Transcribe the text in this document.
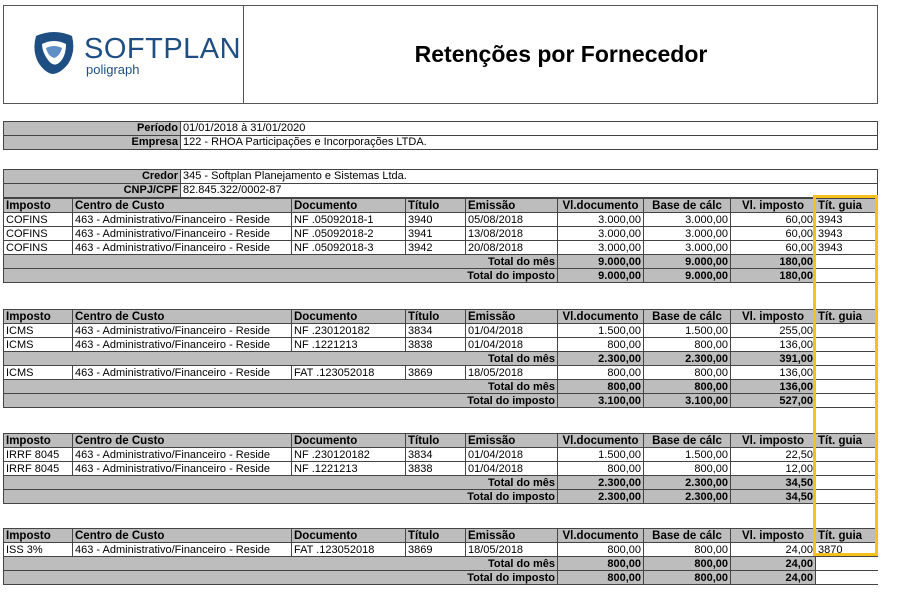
SOFTPLAN
poligraph
Retenções por Fornecedor
Período 01/01/2018 à 31/01/2020
Empresa 122 - RHOA Participações e Incorporações LTDA.
Credor 345 - Softplan Planejamento e Sistemas Ltda.
CNPJ/CPF 82.845.322/0002-87
Imposto	Centro de Custo	Documento	Título	Emissão	Vl.documento	Base de cálc	Vl. imposto	Tít. guia
COFINS	463 - Administrativo/Financeiro - Reside	NF .05092018-1	3940	05/08/2018	3.000,00	3.000,00	60,00 3943
COFINS	463 - Administrativo/Financeiro - Reside	NF .05092018-2	3941	13/08/2018	3.000,00	3.000,00	60,00 3943
COFINS	463 - Administrativo/Financeiro - Reside	NF .05092018-3	3942	20/08/2018	3.000,00	3.000,00	60,00 3943
Total do mês	9.000,00	9.000,00	180,00
Total do imposto	9.000,00	9.000,00	180,00
Imposto	Centro de Custo	Documento	Título	Emissão	Vl.documento	Base de cálc	Vl. imposto	Tít. guia
ICMS	463 - Administrativo/Financeiro - Reside	NF .230120182	3834	01/04/2018	1.500,00	1.500,00	255,00
ICMS	463 - Administrativo/Financeiro - Reside	NF .1221213	3838	01/04/2018	800,00	800,00	136,00
Total do mês	2.300,00	2.300,00	391,00
ICMS	463 - Administrativo/Financeiro - Reside	FAT .123052018	3869	18/05/2018	800,00	800,00	136,00
Total do mês	800,00	800,00	136,00
Total do imposto	3.100,00	3.100,00	527,00
Imposto	Centro de Custo	Documento	Título	Emissão	Vl.documento	Base de cálc	Vl. imposto	Tít. guia
IRRF 8045	463 - Administrativo/Financeiro - Reside	NF .230120182	3834	01/04/2018	1.500,00	1.500,00	22,50
IRRF 8045	463 - Administrativo/Financeiro - Reside	NF .1221213	3838	01/04/2018	800,00	800,00	12,00
Total do mês	2.300,00	2.300,00	34,50
Total do imposto	2.300,00	2.300,00	34,50
Imposto	Centro de Custo	Documento	Título	Emissão	Vl.documento	Base de cálc	Vl. imposto	Tít. guia
ISS 3%	463 - Administrativo/Financeiro - Reside	FAT .123052018	3869	18/05/2018	800,00	800,00	24,00 3870
Total do mês	800,00	800,00	24,00
Total do imposto	800,00	800,00	24,00
